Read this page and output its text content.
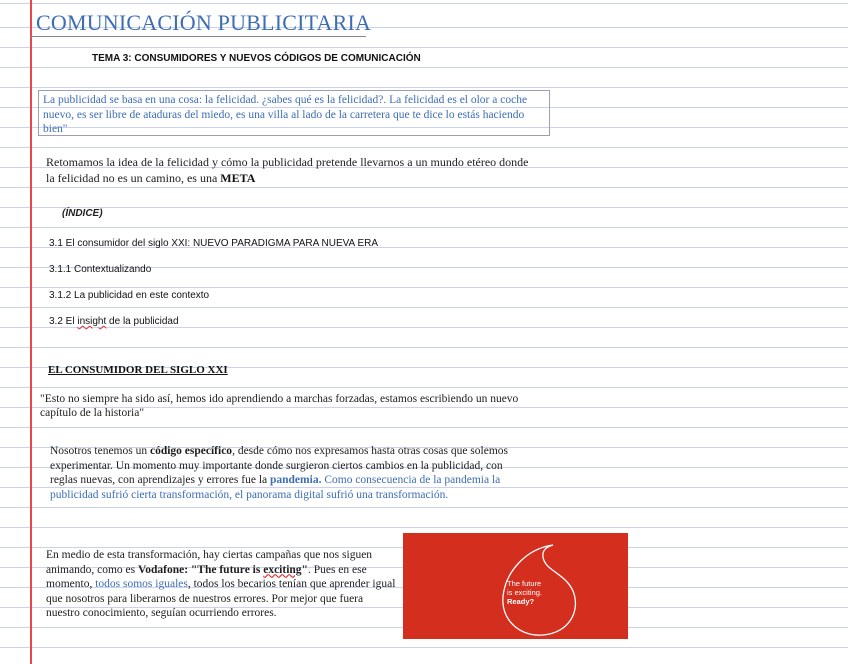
COMUNICACIÓN PUBLICITARIA
TEMA 3: CONSUMIDORES Y NUEVOS CÓDIGOS DE COMUNICACIÓN
La publicidad se basa en una cosa: la felicidad. ¿sabes qué es la felicidad?. La felicidad es el olor a coche nuevo, es ser libre de ataduras del miedo, es una villa al lado de la carretera que te dice lo estás haciendo bien"
Retomamos la idea de la felicidad y cómo la publicidad pretende llevarnos a un mundo etéreo donde la felicidad no es un camino, es una META
(ÍNDICE)
3.1 El consumidor del siglo XXI: NUEVO PARADIGMA PARA NUEVA ERA
3.1.1 Contextualizando
3.1.2 La publicidad en este contexto
3.2 El insight de la publicidad
EL CONSUMIDOR DEL SIGLO XXI
"Esto no siempre ha sido así, hemos ido aprendiendo a marchas forzadas, estamos escribiendo un nuevo capítulo de la historia"
Nosotros tenemos un código específico, desde cómo nos expresamos hasta otras cosas que solemos experimentar. Un momento muy importante donde surgieron ciertos cambios en la publicidad, con reglas nuevas, con aprendizajes y errores fue la pandemia. Como consecuencia de la pandemia la publicidad sufrió cierta transformación, el panorama digital sufrió una transformación.
En medio de esta transformación, hay ciertas campañas que nos siguen animando, como es Vodafone: "The future is exciting". Pues en ese momento, todos somos iguales, todos los becarios tenían que aprender igual que nosotros para liberarnos de nuestros errores. Por mejor que fuera nuestro conocimiento, seguían ocurriendo errores.
The future
is exciting.
Ready?
